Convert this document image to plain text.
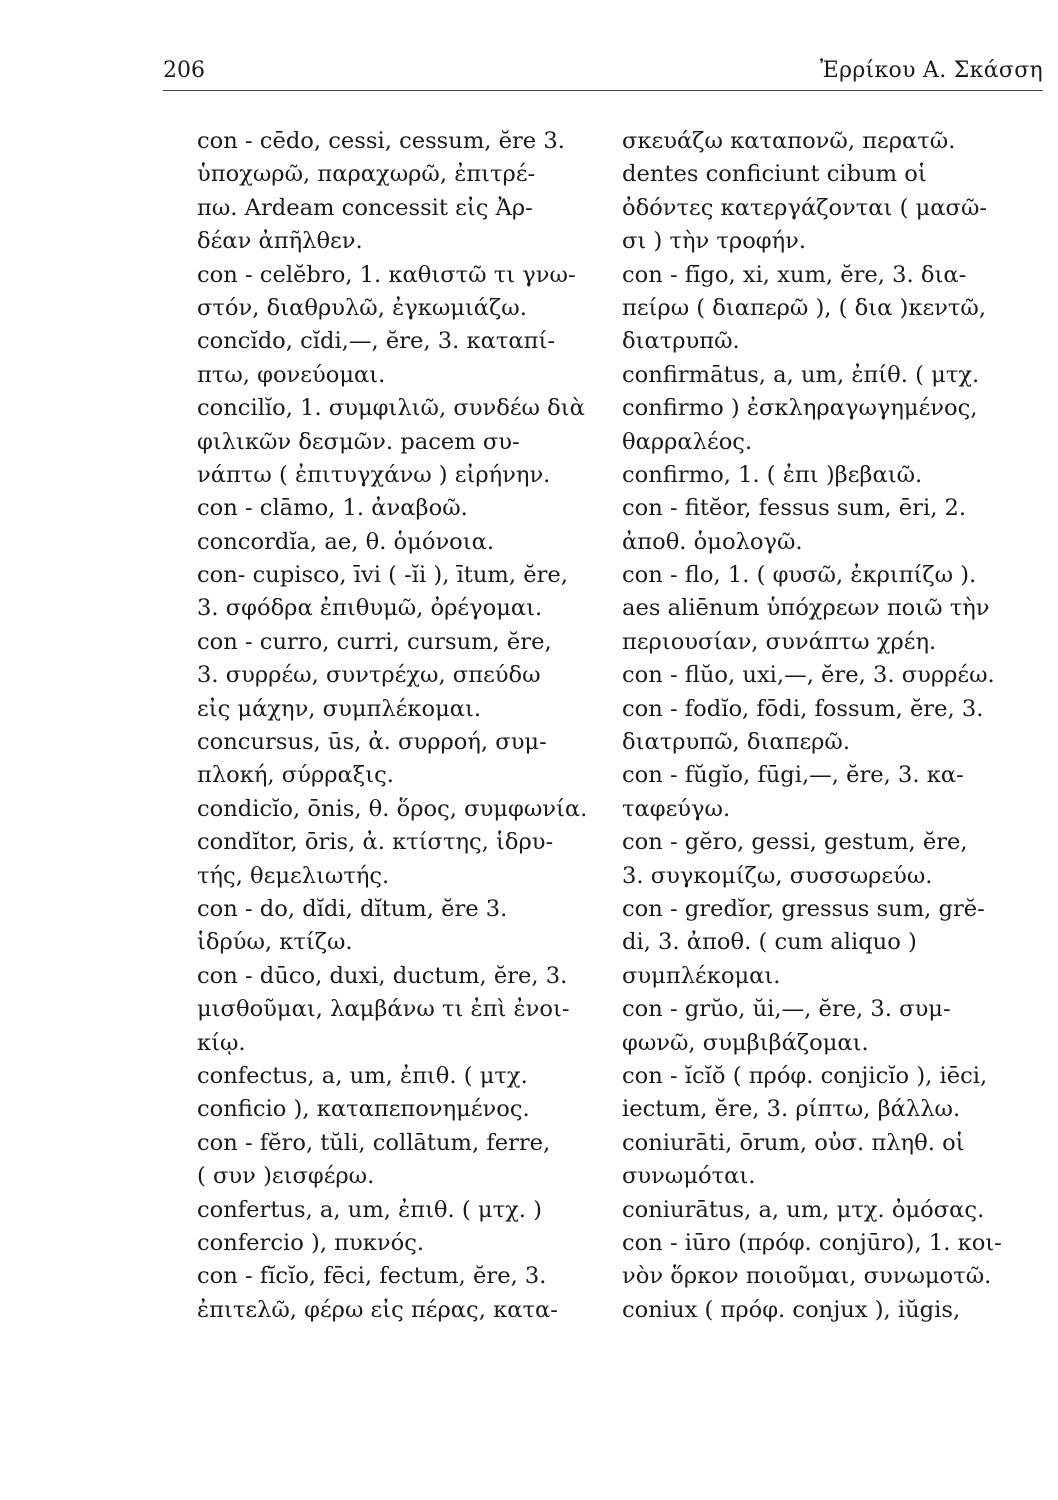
206	Ἐρρίκου Α. Σκάσση
con - cēdo, cessi, cessum, ĕre 3.
ὑποχωρῶ, παραχωρῶ, ἐπιτρέ-
πω. Ardeam concessit εἰς Ἀρ-
δέαν ἀπῆλθεν.
con - celĕbro, 1. καθιστῶ τι γνω-
στόν, διαθρυλῶ, ἐγκωμιάζω.
concĭdo, cĭdi,—, ĕre, 3. καταπί-
πτω, φονεύομαι.
concilĭo, 1. συμφιλιῶ, συνδέω διὰ
φιλικῶν δεσμῶν. pacem συ-
νάπτω ( ἐπιτυγχάνω ) εἰρήνην.
con - clāmo, 1. ἀναβοῶ.
concordĭa, ae, θ. ὁμόνοια.
con- cupisco, īvi ( -ĭi ), ītum, ĕre,
3. σφόδρα ἐπιθυμῶ, ὀρέγομαι.
con - curro, curri, cursum, ĕre,
3. συρρέω, συντρέχω, σπεύδω
εἰς μάχην, συμπλέκομαι.
concursus, ūs, ἀ. συρροή, συμ-
πλοκή, σύρραξις.
condicĭo, ōnis, θ. ὅρος, συμφωνία.
condĭtor, ōris, ἀ. κτίστης, ἱδρυ-
τής, θεμελιωτής.
con - do, dĭdi, dĭtum, ĕre 3.
ἱδρύω, κτίζω.
con - dūco, duxi, ductum, ĕre, 3.
μισθοῦμαι, λαμβάνω τι ἐπὶ ἐνοι-
κίῳ.
confectus, a, um, ἐπιθ. ( μτχ.
conficio ), καταπεπονημένος.
con - fĕro, tŭli, collātum, ferre,
( συν )εισφέρω.
confertus, a, um, ἐπιθ. ( μτχ. )
confercio ), πυκνός.
con - fĭcĭo, fēci, fectum, ĕre, 3.
ἐπιτελῶ, φέρω εἰς πέρας, κατα-
σκευάζω καταπονῶ, περατῶ.
dentes conficiunt cibum οἱ
ὀδόντες κατεργάζονται ( μασῶ-
σι ) τὴν τροφήν.
con - fīgo, xi, xum, ĕre, 3. δια-
πείρω ( διαπερῶ ), ( δια )κεντῶ,
διατρυπῶ.
confirmātus, a, um, ἐπίθ. ( μτχ.
confirmo ) ἐσκληραγωγημένος,
θαρραλέος.
confirmo, 1. ( ἐπι )βεβαιῶ.
con - fitĕor, fessus sum, ēri, 2.
ἀποθ. ὁμολογῶ.
con - flo, 1. ( φυσῶ, ἐκριπίζω ).
aes aliēnum ὑπόχρεων ποιῶ τὴν
περιουσίαν, συνάπτω χρέη.
con - flŭo, uxi,—, ĕre, 3. συρρέω.
con - fodĭo, fōdi, fossum, ĕre, 3.
διατρυπῶ, διαπερῶ.
con - fŭgĭo, fūgi,—, ĕre, 3. κα-
ταφεύγω.
con - gĕro, gessi, gestum, ĕre,
3. συγκομίζω, συσσωρεύω.
con - gredĭor, gressus sum, grĕ-
di, 3. ἀποθ. ( cum aliquo )
συμπλέκομαι.
con - grŭo, ŭi,—, ĕre, 3. συμ-
φωνῶ, συμβιβάζομαι.
con - ĭcĭŏ ( πρόφ. conjicĭo ), iēci,
iectum, ĕre, 3. ρίπτω, βάλλω.
coniurāti, ōrum, οὐσ. πληθ. οἱ
συνωμόται.
coniurātus, a, um, μτχ. ὀμόσας.
con - iūro (πρόφ. conjūro), 1. κοι-
νὸν ὅρκον ποιοῦμαι, συνωμοτῶ.
coniux ( πρόφ. conjux ), iŭgis,
